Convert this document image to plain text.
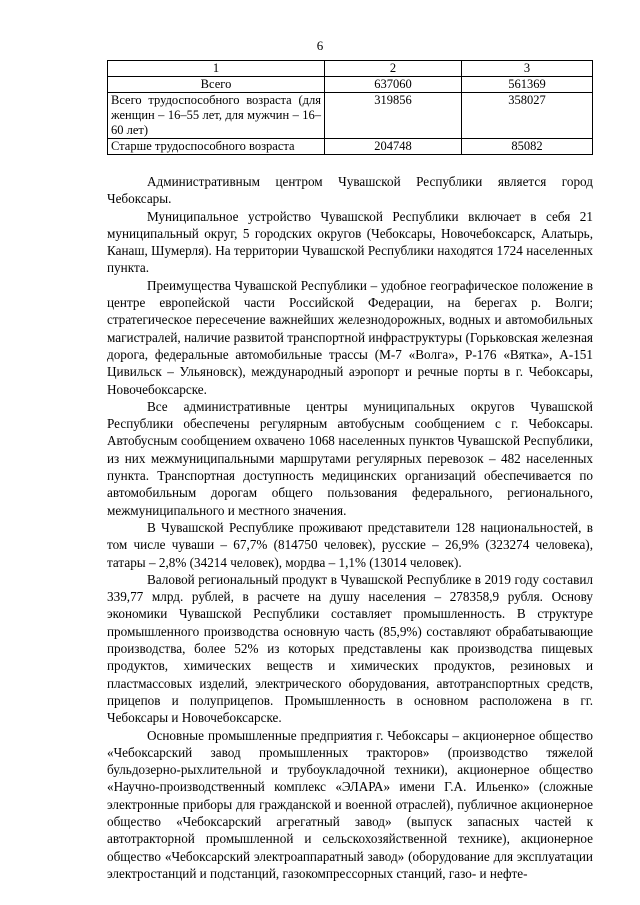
6
1	2	3
Всего	637060	561369
Всего трудоспособного возраста (для женщин – 16–55 лет, для мужчин – 16–60 лет)	319856	358027
Старше трудоспособного возраста	204748	85082

Административным центром Чувашской Республики является город Чебоксары.

Муниципальное устройство Чувашской Республики включает в себя 21 муниципальный округ, 5 городских округов (Чебоксары, Новочебоксарск, Алатырь, Канаш, Шумерля). На территории Чувашской Республики находятся 1724 населенных пункта.

Преимущества Чувашской Республики – удобное географическое положение в центре европейской части Российской Федерации, на берегах р. Волги; стратегическое пересечение важнейших железнодорожных, водных и автомобильных магистралей, наличие развитой транспортной инфраструктуры (Горьковская железная дорога, федеральные автомобильные трассы (М-7 «Волга», Р-176 «Вятка», А-151 Цивильск – Ульяновск), международный аэропорт и речные порты в г. Чебоксары, Новочебоксарске.

Все административные центры муниципальных округов Чувашской Республики обеспечены регулярным автобусным сообщением с г. Чебоксары. Автобусным сообщением охвачено 1068 населенных пунктов Чувашской Республики, из них межмуниципальными маршрутами регулярных перевозок – 482 населенных пункта. Транспортная доступность медицинских организаций обеспечивается по автомобильным дорогам общего пользования федерального, регионального, межмуниципального и местного значения.

В Чувашской Республике проживают представители 128 национальностей, в том числе чуваши – 67,7% (814750 человек), русские – 26,9% (323274 человека), татары – 2,8% (34214 человек), мордва – 1,1% (13014 человек).

Валовой региональный продукт в Чувашской Республике в 2019 году составил 339,77 млрд. рублей, в расчете на душу населения – 278358,9 рубля. Основу экономики Чувашской Республики составляет промышленность. В структуре промышленного производства основную часть (85,9%) составляют обрабатывающие производства, более 52% из которых представлены как производства пищевых продуктов, химических веществ и химических продуктов, резиновых и пластмассовых изделий, электрического оборудования, автотранспортных средств, прицепов и полуприцепов. Промышленность в основном расположена в гг. Чебоксары и Новочебоксарске.

Основные промышленные предприятия г. Чебоксары – акционерное общество «Чебоксарский завод промышленных тракторов» (производство тяжелой бульдозерно-рыхлительной и трубоукладочной техники), акционерное общество «Научно-производственный комплекс «ЭЛАРА» имени Г.А. Ильенко» (сложные электронные приборы для гражданской и военной отраслей), публичное акционерное общество «Чебоксарский агрегатный завод» (выпуск запасных частей к автотракторной промышленной и сельскохозяйственной технике), акционерное общество «Чебоксарский электроаппаратный завод» (оборудование для эксплуатации электростанций и подстанций, газокомпрессорных станций, газо- и нефте-
